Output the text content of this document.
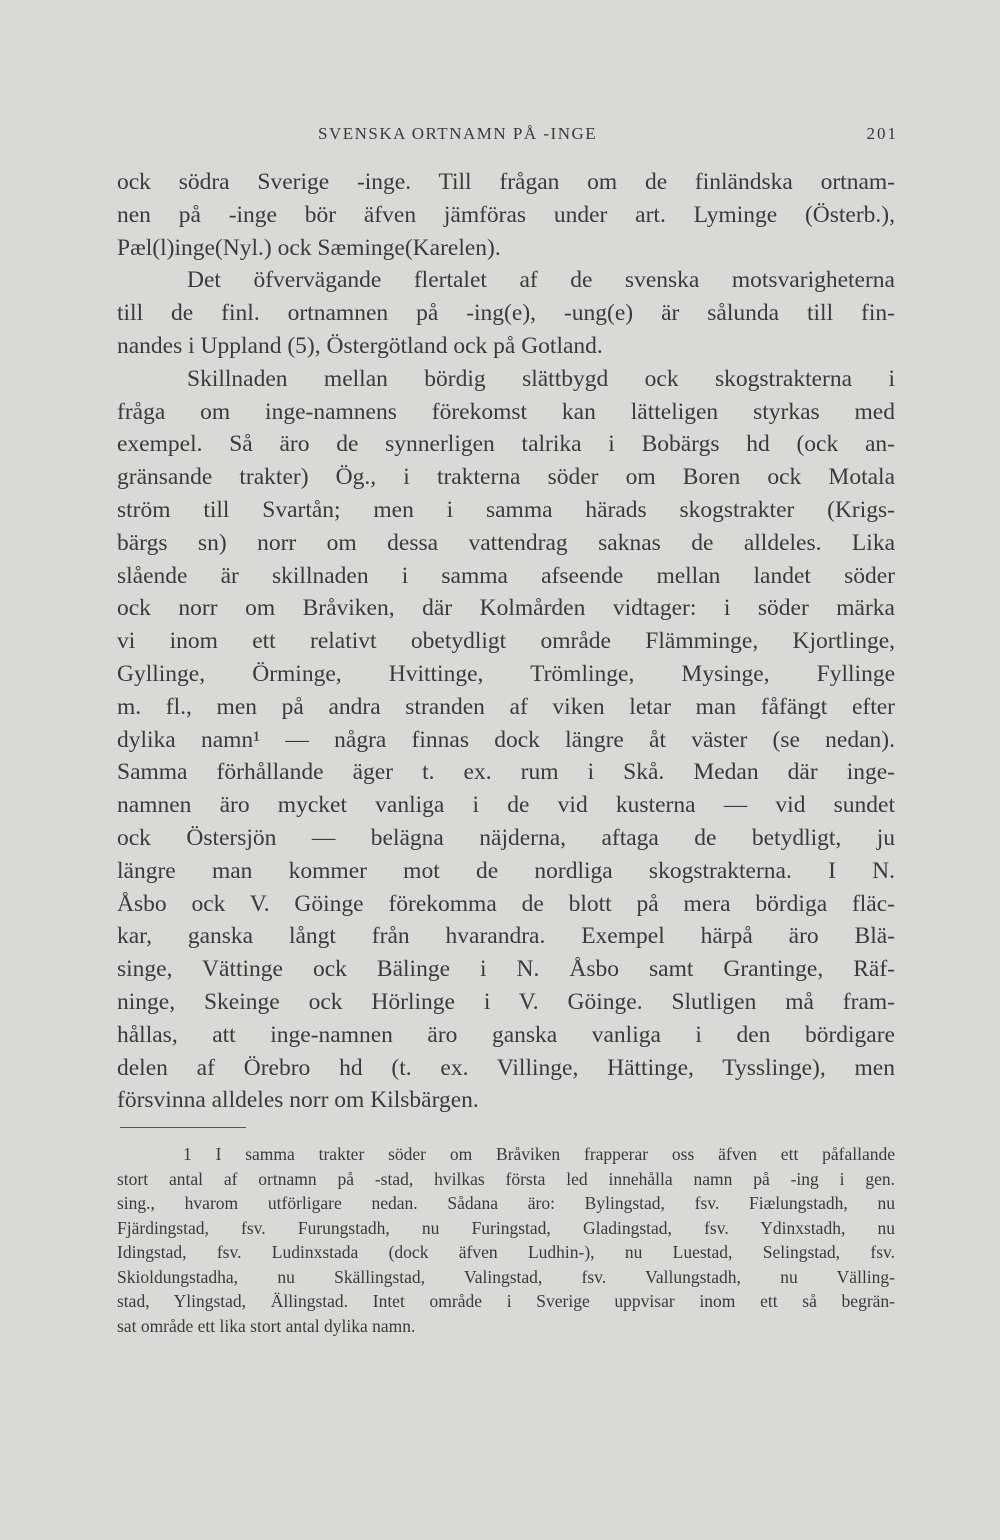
SVENSKA ORTNAMN PÅ -INGE	201
ock södra Sverige -inge. Till frågan om de finländska ortnam-
nen på -inge bör äfven jämföras under art. Lyminge (Österb.),
Pæl(l)inge(Nyl.) ock Sæminge(Karelen).
Det öfvervägande flertalet af de svenska motsvarigheterna
till de finl. ortnamnen på -ing(e), -ung(e) är sålunda till fin-
nandes i Uppland (5), Östergötland ock på Gotland.
Skillnaden mellan bördig slättbygd ock skogstrakterna i
fråga om inge-namnens förekomst kan lätteligen styrkas med
exempel. Så äro de synnerligen talrika i Bobärgs hd (ock an-
gränsande trakter) Ög., i trakterna söder om Boren ock Motala
ström till Svartån; men i samma härads skogstrakter (Krigs-
bärgs sn) norr om dessa vattendrag saknas de alldeles. Lika
slående är skillnaden i samma afseende mellan landet söder
ock norr om Bråviken, där Kolmården vidtager: i söder märka
vi inom ett relativt obetydligt område Flämminge, Kjortlinge,
Gyllinge, Örminge, Hvittinge, Trömlinge, Mysinge, Fyllinge
m. fl., men på andra stranden af viken letar man fåfängt efter
dylika namn¹ — några finnas dock längre åt väster (se nedan).
Samma förhållande äger t. ex. rum i Skå. Medan där inge-
namnen äro mycket vanliga i de vid kusterna — vid sundet
ock Östersjön — belägna näjderna, aftaga de betydligt, ju
längre man kommer mot de nordliga skogstrakterna. I N.
Åsbo ock V. Göinge förekomma de blott på mera bördiga fläc-
kar, ganska långt från hvarandra. Exempel härpå äro Blä-
singe, Vättinge ock Bälinge i N. Åsbo samt Grantinge, Räf-
ninge, Skeinge ock Hörlinge i V. Göinge. Slutligen må fram-
hållas, att inge-namnen äro ganska vanliga i den bördigare
delen af Örebro hd (t. ex. Villinge, Hättinge, Tysslinge), men
försvinna alldeles norr om Kilsbärgen.
1 I samma trakter söder om Bråviken frapperar oss äfven ett påfallande
stort antal af ortnamn på -stad, hvilkas första led innehålla namn på -ing i gen.
sing., hvarom utförligare nedan. Sådana äro: Bylingstad, fsv. Fiælungstadh, nu
Fjärdingstad, fsv. Furungstadh, nu Furingstad, Gladingstad, fsv. Ydinxstadh, nu
Idingstad, fsv. Ludinxstada (dock äfven Ludhin-), nu Luestad, Selingstad, fsv.
Skioldungstadha, nu Skällingstad, Valingstad, fsv. Vallungstadh, nu Välling-
stad, Ylingstad, Ällingstad. Intet område i Sverige uppvisar inom ett så begrän-
sat område ett lika stort antal dylika namn.
